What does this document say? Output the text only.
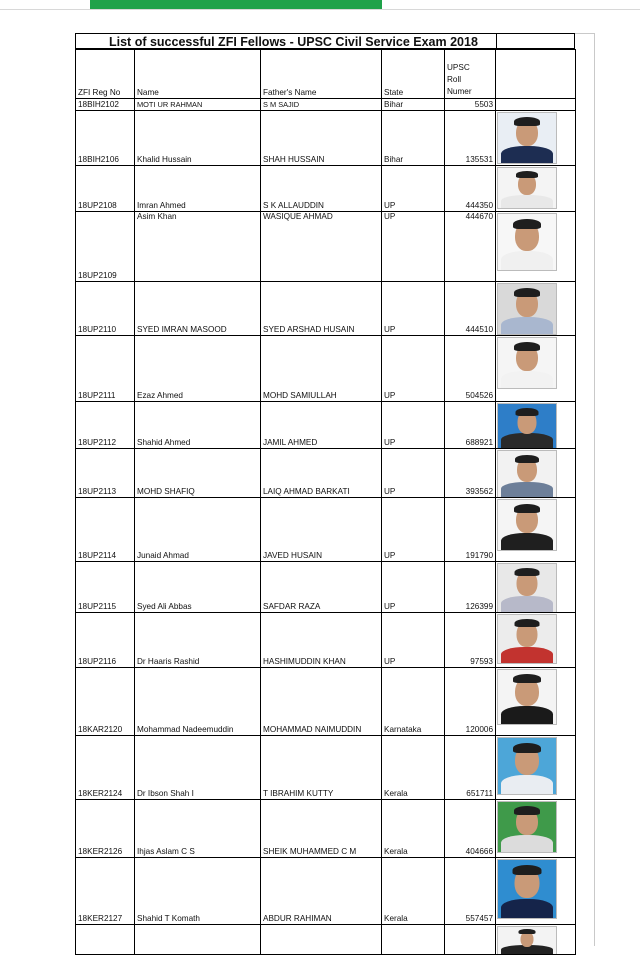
List of successful ZFI Fellows - UPSC Civil Service Exam 2018
ZFI Reg No	Name	Father's Name	State	UPSC
Roll
Numer	

18BIH2102	MOTI UR RAHMAN	S M SAJID	Bihar	5503	
18BIH2106	Khalid Hussain	SHAH HUSSAIN	Bihar	135531	

18UP2108	Imran Ahmed	S K ALLAUDDIN	UP	444350	

18UP2109	Asim Khan	WASIQUE AHMAD	UP	444670	

18UP2110	SYED IMRAN MASOOD	SYED ARSHAD HUSAIN	UP	444510	

18UP2111	Ezaz Ahmed	MOHD SAMIULLAH	UP	504526	

18UP2112	Shahid Ahmed	JAMIL AHMED	UP	688921	

18UP2113	MOHD SHAFIQ	LAIQ AHMAD BARKATI	UP	393562	

18UP2114	Junaid Ahmad	JAVED HUSAIN	UP	191790	

18UP2115	Syed Ali Abbas	SAFDAR RAZA	UP	126399	

18UP2116	Dr Haaris Rashid	HASHIMUDDIN KHAN	UP	97593	

18KAR2120	Mohammad Nadeemuddin	MOHAMMAD NAIMUDDIN	Karnataka	120006	

18KER2124	Dr Ibson Shah I	T IBRAHIM KUTTY	Kerala	651711	

18KER2126	Ihjas Aslam C S	SHEIK MUHAMMED C M	Kerala	404666	

18KER2127	Shahid T Komath	ABDUR RAHIMAN	Kerala	557457	
